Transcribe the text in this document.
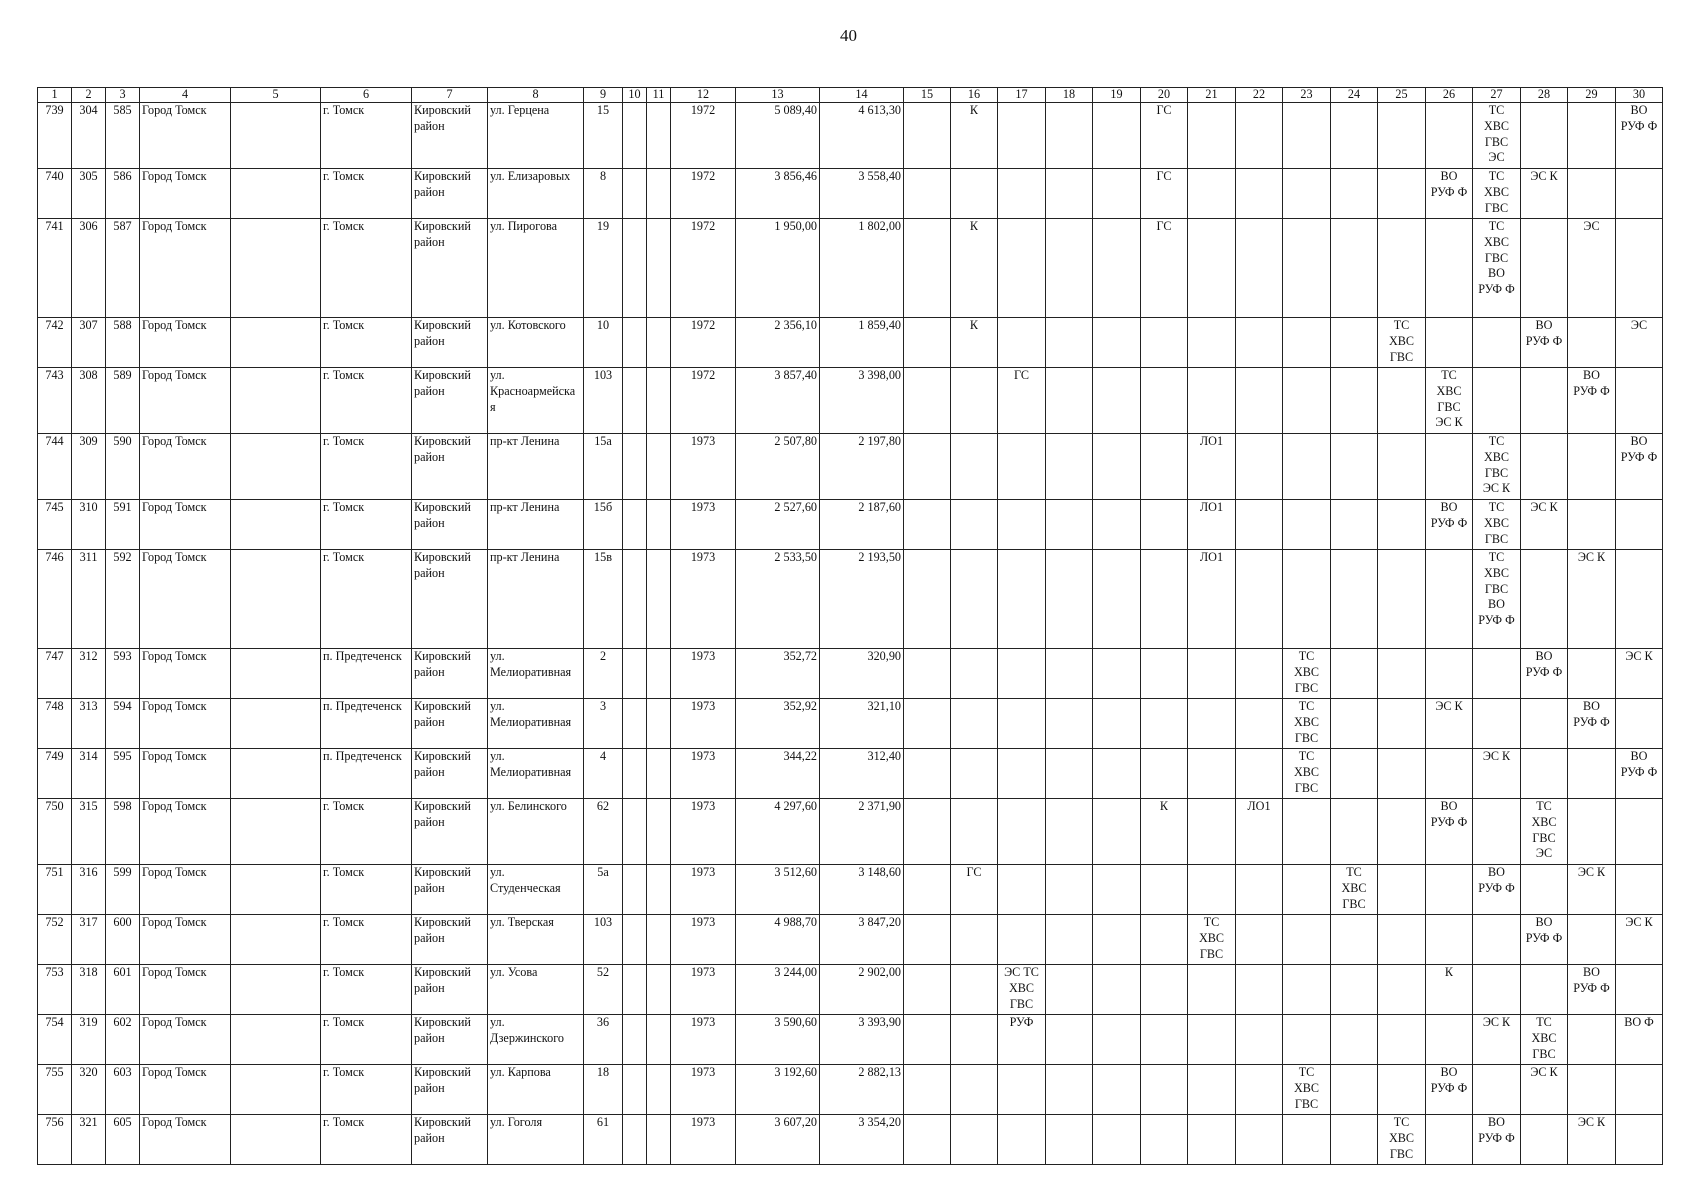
40
1	2	3	4	5	6	7	8	9	10	11	12	13	14	15	16	17	18	19	20	21	22	23	24	25	26	27	28	29	30
739	304	585	Город Томск		г. Томск	Кировский
район	ул. Герцена	15			1972	5 089,40	4 613,30		К				ГС							ТС
ХВС
ГВС
ЭС			ВО
РУФ Ф
740	305	586	Город Томск		г. Томск	Кировский
район	ул. Елизаровых	8			1972	3 856,46	3 558,40						ГС						ВО
РУФ Ф	ТС
ХВС
ГВС	ЭС К		
741	306	587	Город Томск		г. Томск	Кировский
район	ул. Пирогова	19			1972	1 950,00	1 802,00		К				ГС							ТС
ХВС
ГВС
ВО
РУФ Ф		ЭС	
742	307	588	Город Томск		г. Томск	Кировский
район	ул. Котовского	10			1972	2 356,10	1 859,40		К									ТС
ХВС
ГВС			ВО
РУФ Ф		ЭС
743	308	589	Город Томск		г. Томск	Кировский
район	ул.
Красноармейска
я	103			1972	3 857,40	3 398,00			ГС									ТС
ХВС
ГВС
ЭС К			ВО
РУФ Ф	
744	309	590	Город Томск		г. Томск	Кировский
район	пр-кт Ленина	15а			1973	2 507,80	2 197,80							ЛО1						ТС
ХВС
ГВС
ЭС К			ВО
РУФ Ф
745	310	591	Город Томск		г. Томск	Кировский
район	пр-кт Ленина	15б			1973	2 527,60	2 187,60							ЛО1					ВО
РУФ Ф	ТС
ХВС
ГВС	ЭС К		
746	311	592	Город Томск		г. Томск	Кировский
район	пр-кт Ленина	15в			1973	2 533,50	2 193,50							ЛО1						ТС
ХВС
ГВС
ВО
РУФ Ф		ЭС К	
747	312	593	Город Томск		п. Предтеченск	Кировский
район	ул.
Мелиоративная	2			1973	352,72	320,90									ТС
ХВС
ГВС					ВО
РУФ Ф		ЭС К
748	313	594	Город Томск		п. Предтеченск	Кировский
район	ул.
Мелиоративная	3			1973	352,92	321,10									ТС
ХВС
ГВС			ЭС К			ВО
РУФ Ф	
749	314	595	Город Томск		п. Предтеченск	Кировский
район	ул.
Мелиоративная	4			1973	344,22	312,40									ТС
ХВС
ГВС				ЭС К			ВО
РУФ Ф
750	315	598	Город Томск		г. Томск	Кировский
район	ул. Белинского	62			1973	4 297,60	2 371,90						К		ЛО1				ВО
РУФ Ф		ТС
ХВС
ГВС
ЭС		
751	316	599	Город Томск		г. Томск	Кировский
район	ул.
Студенческая	5а			1973	3 512,60	3 148,60		ГС								ТС
ХВС
ГВС			ВО
РУФ Ф		ЭС К	
752	317	600	Город Томск		г. Томск	Кировский
район	ул. Тверская	103			1973	4 988,70	3 847,20							ТС
ХВС
ГВС							ВО
РУФ Ф		ЭС К
753	318	601	Город Томск		г. Томск	Кировский
район	ул. Усова	52			1973	3 244,00	2 902,00			ЭС ТС
ХВС
ГВС									К			ВО
РУФ Ф	
754	319	602	Город Томск		г. Томск	Кировский
район	ул.
Дзержинского	36			1973	3 590,60	3 393,90			РУФ										ЭС К	ТС
ХВС
ГВС		ВО Ф
755	320	603	Город Томск		г. Томск	Кировский
район	ул. Карпова	18			1973	3 192,60	2 882,13									ТС
ХВС
ГВС			ВО
РУФ Ф		ЭС К		
756	321	605	Город Томск		г. Томск	Кировский
район	ул. Гоголя	61			1973	3 607,20	3 354,20											ТС
ХВС
ГВС		ВО
РУФ Ф		ЭС К	
